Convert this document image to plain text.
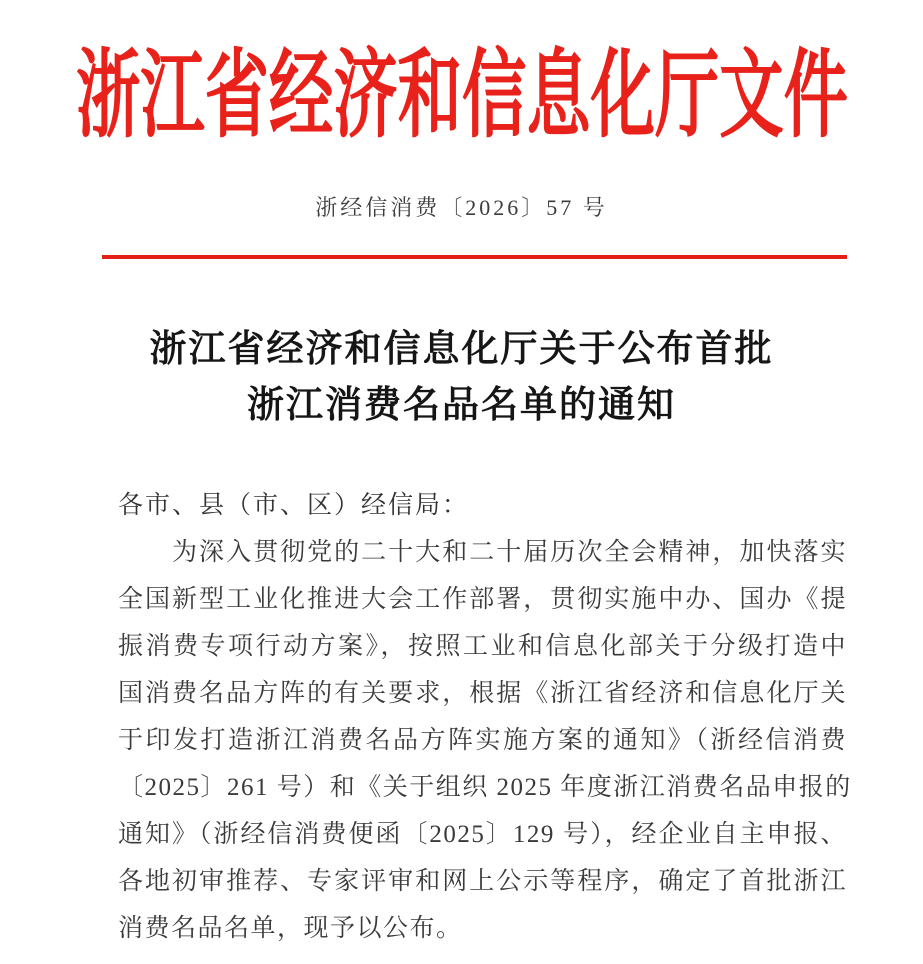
浙江省经济和信息化厅文件
浙经信消费〔2026〕57 号
浙江省经济和信息化厅关于公布首批
浙江消费名品名单的通知
各市、县（市、区）经信局：
　　为深入贯彻党的二十大和二十届历次全会精神，加快落实
全国新型工业化推进大会工作部署，贯彻实施中办、国办《提
振消费专项行动方案》，按照工业和信息化部关于分级打造中
国消费名品方阵的有关要求，根据《浙江省经济和信息化厅关
于印发打造浙江消费名品方阵实施方案的通知》（浙经信消费
〔2025〕261 号）和《关于组织 2025 年度浙江消费名品申报的
通知》（浙经信消费便函〔2025〕129 号），经企业自主申报、
各地初审推荐、专家评审和网上公示等程序，确定了首批浙江
消费名品名单，现予以公布。
